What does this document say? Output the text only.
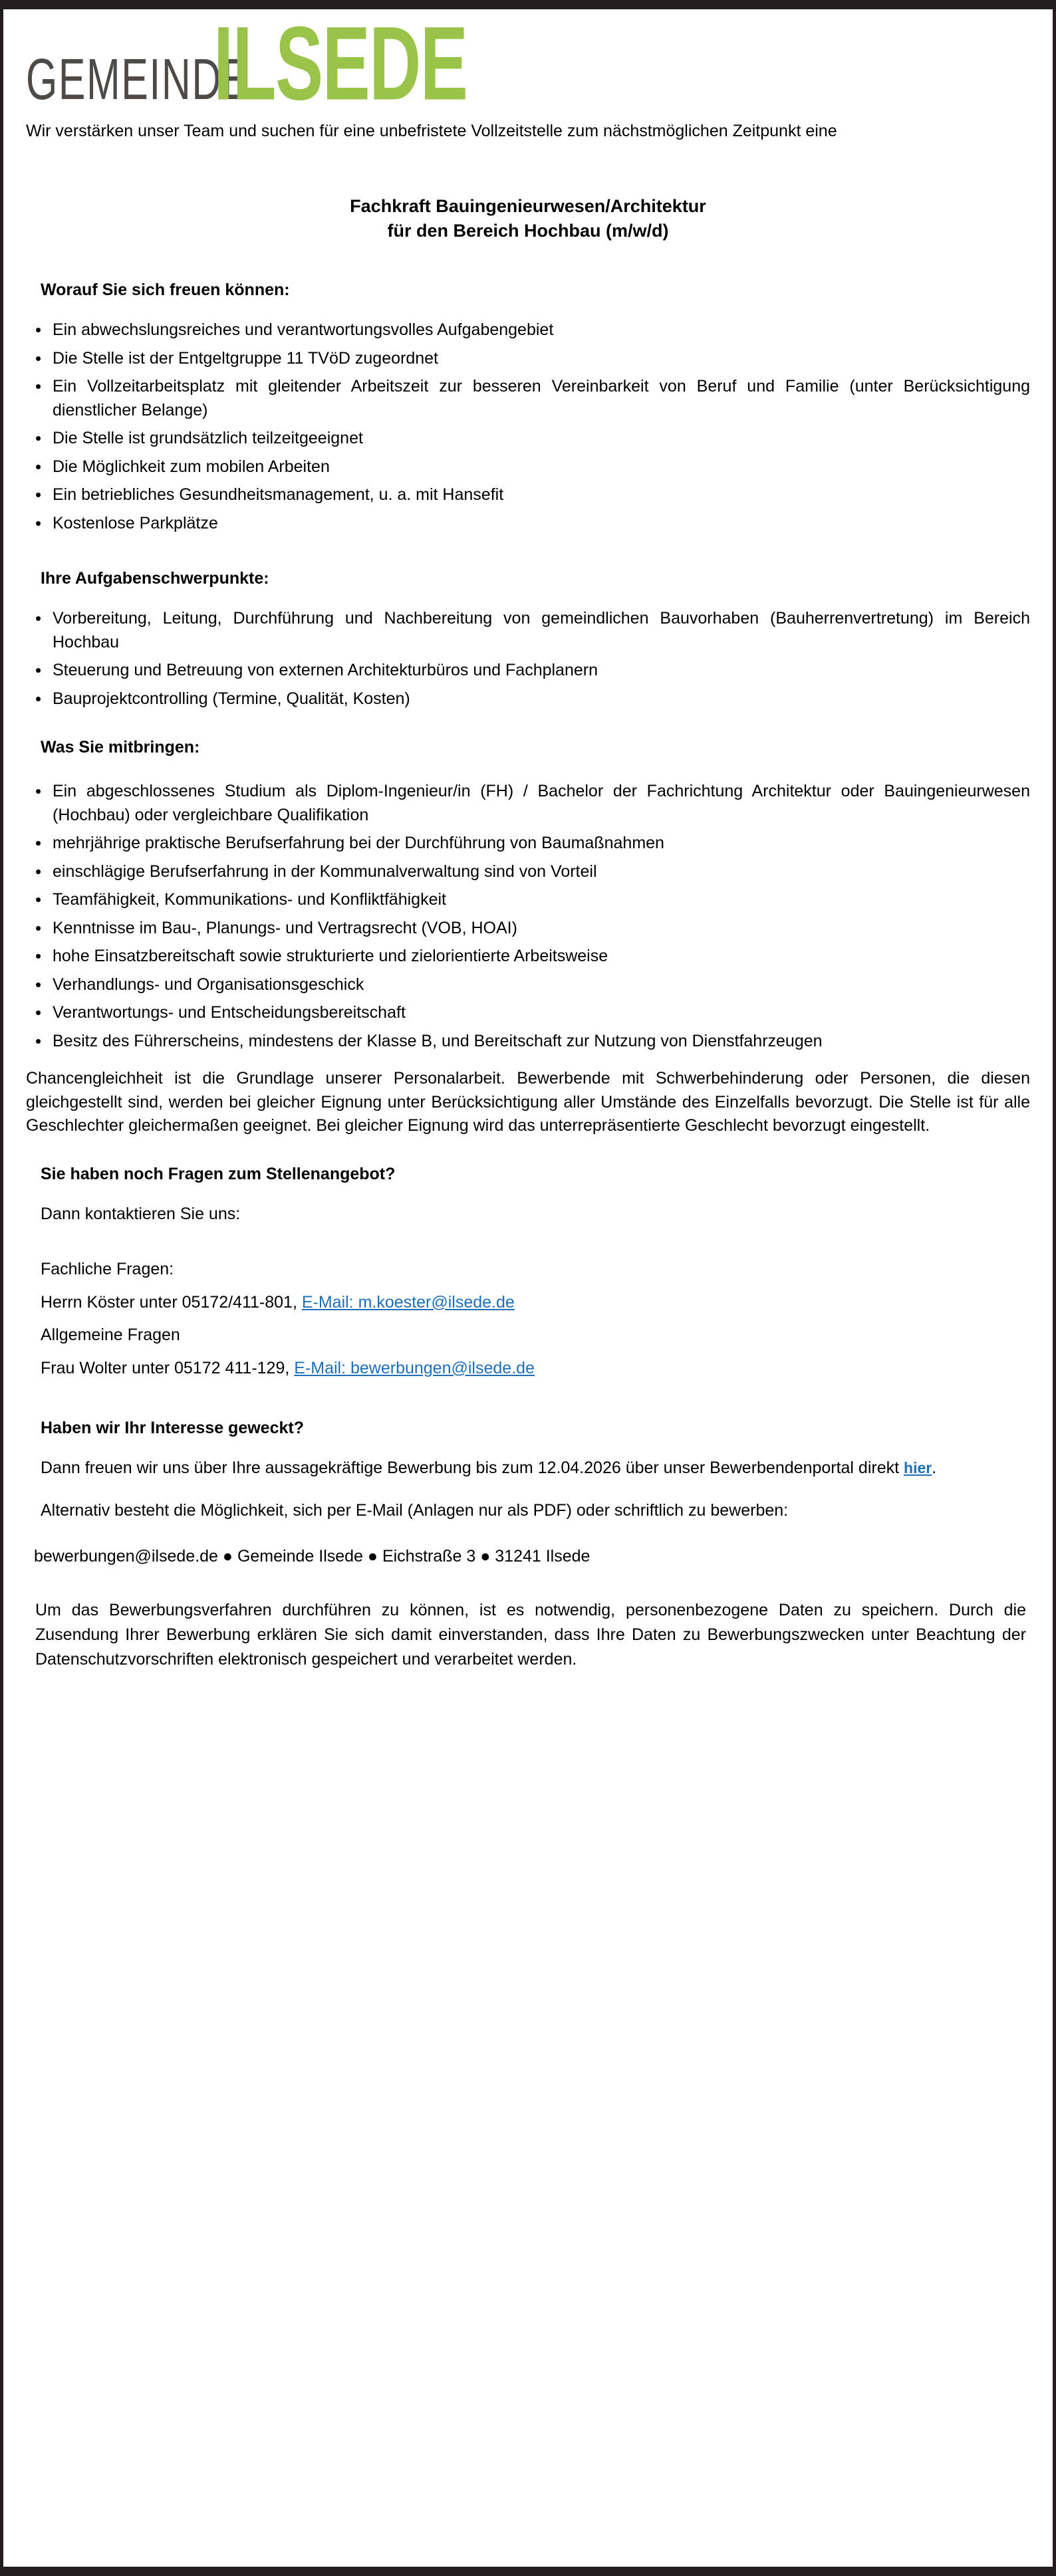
GEMEINDE
ILSEDE

Wir verstärken unser Team und suchen für eine unbefristete Vollzeitstelle zum nächstmöglichen Zeitpunkt eine

Fachkraft Bauingenieurwesen/Architektur
für den Bereich Hochbau (m/w/d)
Worauf Sie sich freuen können:
• Ein abwechslungsreiches und verantwortungsvolles Aufgabengebiet
• Die Stelle ist der Entgeltgruppe 11 TVöD zugeordnet
• Ein Vollzeitarbeitsplatz mit gleitender Arbeitszeit zur besseren Vereinbarkeit von Beruf und Familie (unter Berücksichtigung dienstlicher Belange)
• Die Stelle ist grundsätzlich teilzeitgeeignet
• Die Möglichkeit zum mobilen Arbeiten
• Ein betriebliches Gesundheitsmanagement, u. a. mit Hansefit
• Kostenlose Parkplätze
Ihre Aufgabenschwerpunkte:
• Vorbereitung, Leitung, Durchführung und Nachbereitung von gemeindlichen Bauvorhaben (Bauherrenvertretung) im Bereich Hochbau
• Steuerung und Betreuung von externen Architekturbüros und Fachplanern
• Bauprojektcontrolling (Termine, Qualität, Kosten)
Was Sie mitbringen:
• Ein abgeschlossenes Studium als Diplom-Ingenieur/in (FH) / Bachelor der Fachrichtung Architektur oder Bauingenieurwesen (Hochbau) oder vergleichbare Qualifikation
• mehrjährige praktische Berufserfahrung bei der Durchführung von Baumaßnahmen
• einschlägige Berufserfahrung in der Kommunalverwaltung sind von Vorteil
• Teamfähigkeit, Kommunikations- und Konfliktfähigkeit
• Kenntnisse im Bau-, Planungs- und Vertragsrecht (VOB, HOAI)
• hohe Einsatzbereitschaft sowie strukturierte und zielorientierte Arbeitsweise
• Verhandlungs- und Organisationsgeschick
• Verantwortungs- und Entscheidungsbereitschaft
• Besitz des Führerscheins, mindestens der Klasse B, und Bereitschaft zur Nutzung von Dienstfahrzeugen

Chancengleichheit ist die Grundlage unserer Personalarbeit. Bewerbende mit Schwerbehinderung oder Personen, die diesen gleichgestellt sind, werden bei gleicher Eignung unter Berücksichtigung aller Umstände des Einzelfalls bevorzugt. Die Stelle ist für alle Geschlechter gleichermaßen geeignet. Bei gleicher Eignung wird das unterrepräsentierte Geschlecht bevorzugt eingestellt.

Sie haben noch Fragen zum Stellenangebot?
Dann kontaktieren Sie uns:
Fachliche Fragen:
Herrn Köster unter 05172/411-801, E-Mail: m.koester@ilsede.de
Allgemeine Fragen
Frau Wolter unter 05172 411-129, E-Mail: bewerbungen@ilsede.de
Haben wir Ihr Interesse geweckt?

Dann freuen wir uns über Ihre aussagekräftige Bewerbung bis zum 12.04.2026 über unser Bewerbendenportal direkt hier.

Alternativ besteht die Möglichkeit, sich per E-Mail (Anlagen nur als PDF) oder schriftlich zu bewerben:

bewerbungen@ilsede.de ● Gemeinde Ilsede ● Eichstraße 3 ● 31241 Ilsede

Um das Bewerbungsverfahren durchführen zu können, ist es notwendig, personenbezogene Daten zu speichern. Durch die Zusendung Ihrer Bewerbung erklären Sie sich damit einverstanden, dass Ihre Daten zu Bewerbungszwecken unter Beachtung der Datenschutzvorschriften elektronisch gespeichert und verarbeitet werden.
